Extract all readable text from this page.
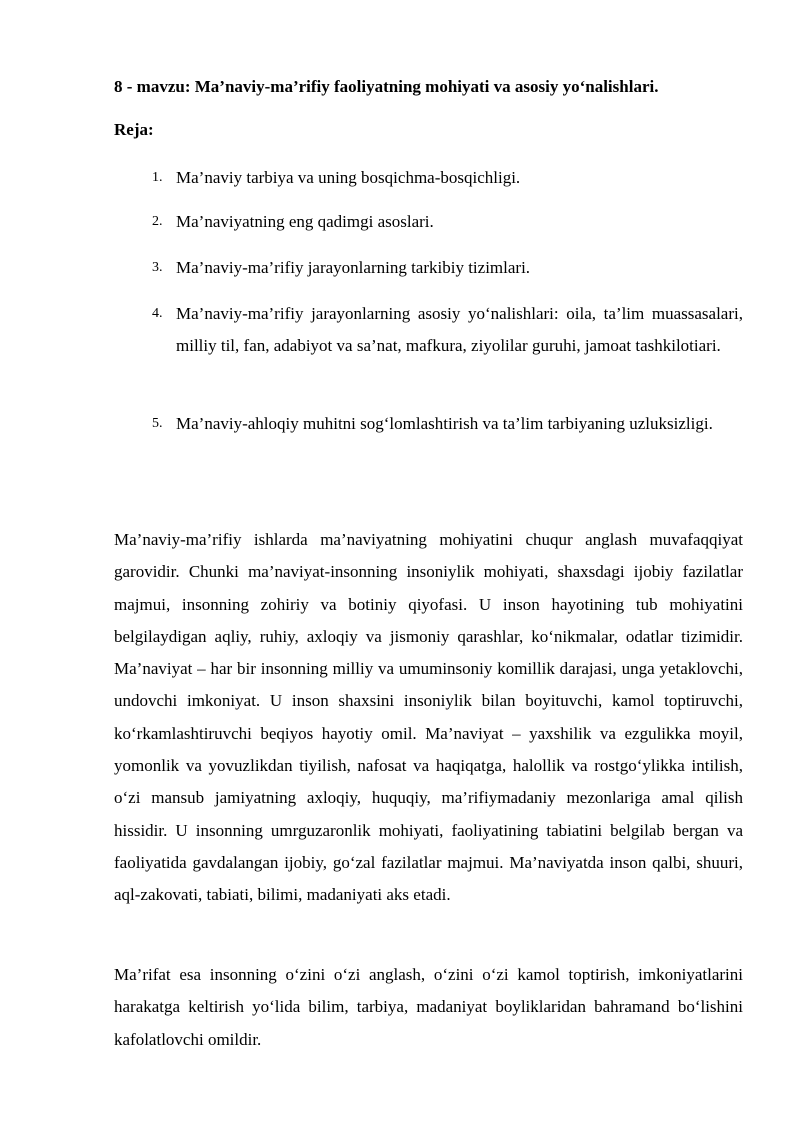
8 - mavzu: Ma’naviy-ma’rifiy faoliyatning mohiyati va asosiy yo‘nalishlari.
Reja:
1. Ma’naviy tarbiya va uning bosqichma-bosqichligi.
2. Ma’naviyatning eng qadimgi asoslari.
3. Ma’naviy-ma’rifiy jarayonlarning tarkibiy tizimlari.
4. Ma’naviy-ma’rifiy jarayonlarning asosiy yo‘nalishlari: oila, ta’lim muassasalari, milliy til, fan, adabiyot va sa’nat, mafkura, ziyolilar guruhi, jamoat tashkilotiari.
5. Ma’naviy-ahloqiy muhitni sog‘lomlashtirish va ta’lim tarbiyaning uzluksizligi.

Ma’naviy-ma’rifiy ishlarda ma’naviyatning mohiyatini chuqur anglash muvafaqqiyat garovidir. Chunki ma’naviyat-insonning insoniylik mohiyati, shaxsdagi ijobiy fazilatlar majmui, insonning zohiriy va botiniy qiyofasi. U inson hayotining tub mohiyatini belgilaydigan aqliy, ruhiy, axloqiy va jismoniy qarashlar, ko‘nikmalar, odatlar tizimidir. Ma’naviyat – har bir insonning milliy va umuminsoniy komillik darajasi, unga yetaklovchi, undovchi imkoniyat. U inson shaxsini insoniylik bilan boyituvchi, kamol toptiruvchi, ko‘rkamlashtiruvchi beqiyos hayotiy omil. Ma’naviyat – yaxshilik va ezgulikka moyil, yomonlik va yovuzlikdan tiyilish, nafosat va haqiqatga, halollik va rostgo‘ylikka intilish, o‘zi mansub jamiyatning axloqiy, huquqiy, ma’rifiymadaniy mezonlariga amal qilish hissidir. U insonning umrguzaronlik mohiyati, faoliyatining tabiatini belgilab bergan va faoliyatida gavdalangan ijobiy, go‘zal fazilatlar majmui. Ma’naviyatda inson qalbi, shuuri, aql-zakovati, tabiati, bilimi, madaniyati aks etadi.

Ma’rifat esa insonning o‘zini o‘zi anglash, o‘zini o‘zi kamol toptirish, imkoniyatlarini harakatga keltirish yo‘lida bilim, tarbiya, madaniyat boyliklaridan bahramand bo‘lishini kafolatlovchi omildir.
